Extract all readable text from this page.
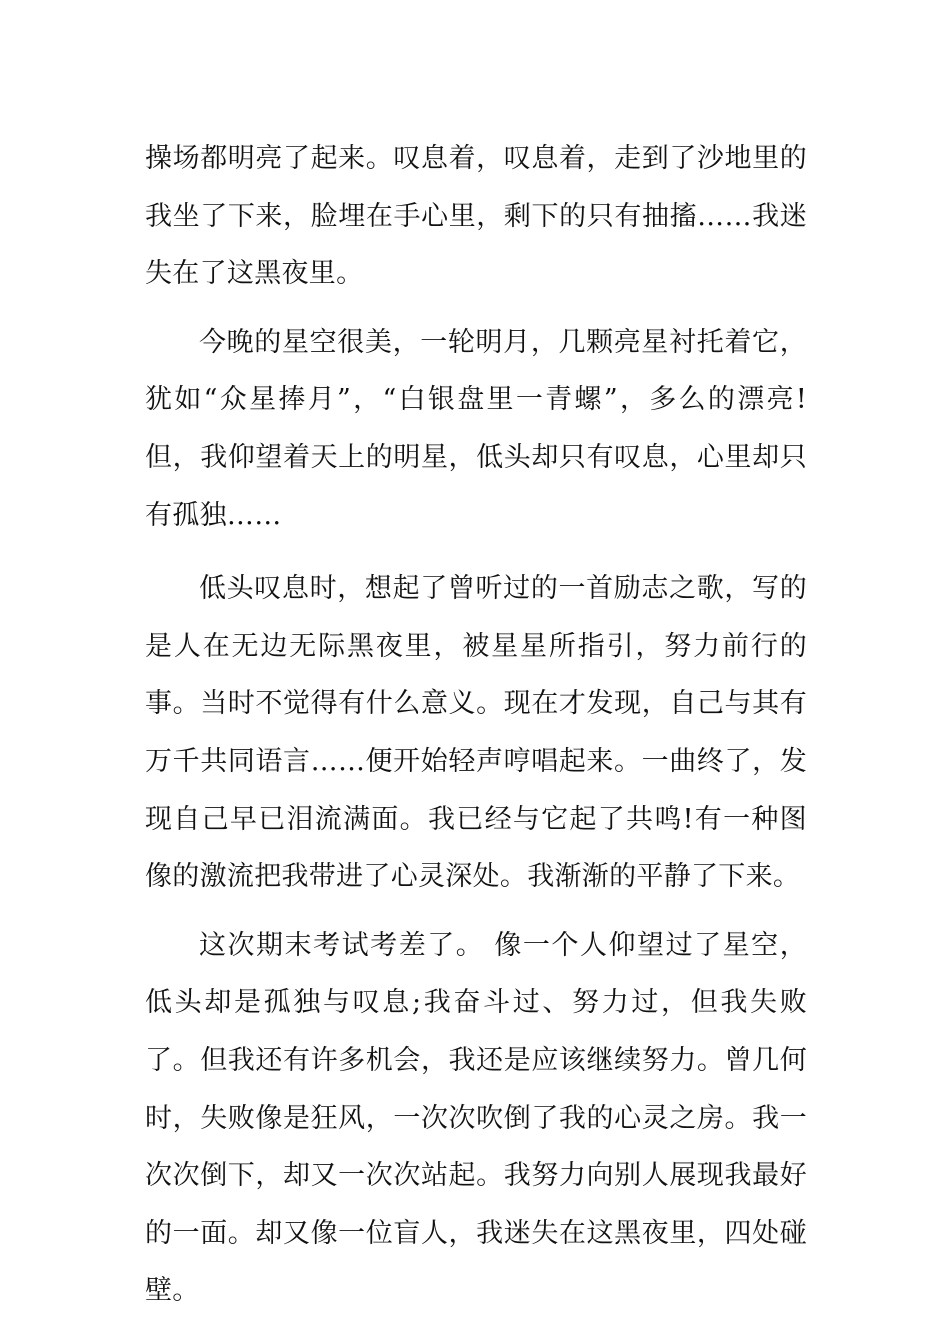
操场都明亮了起来。叹息着，叹息着，走到了沙地里的我坐了下来，脸埋在手心里，剩下的只有抽搐……我迷失在了这黑夜里。

今晚的星空很美，一轮明月，几颗亮星衬托着它，犹如“众星捧月”，“白银盘里一青螺”，多么的漂亮!但，我仰望着天上的明星，低头却只有叹息，心里却只有孤独……

低头叹息时，想起了曾听过的一首励志之歌，写的是人在无边无际黑夜里，被星星所指引，努力前行的事。当时不觉得有什么意义。现在才发现，自己与其有万千共同语言……便开始轻声哼唱起来。一曲终了，发现自己早已泪流满面。我已经与它起了共鸣!有一种图像的激流把我带进了心灵深处。我渐渐的平静了下来。

这次期末考试考差了。 像一个人仰望过了星空，低头却是孤独与叹息;我奋斗过、努力过，但我失败了。但我还有许多机会，我还是应该继续努力。曾几何时，失败像是狂风，一次次吹倒了我的心灵之房。我一次次倒下，却又一次次站起。我努力向别人展现我最好的一面。却又像一位盲人，我迷失在这黑夜里，四处碰壁。
